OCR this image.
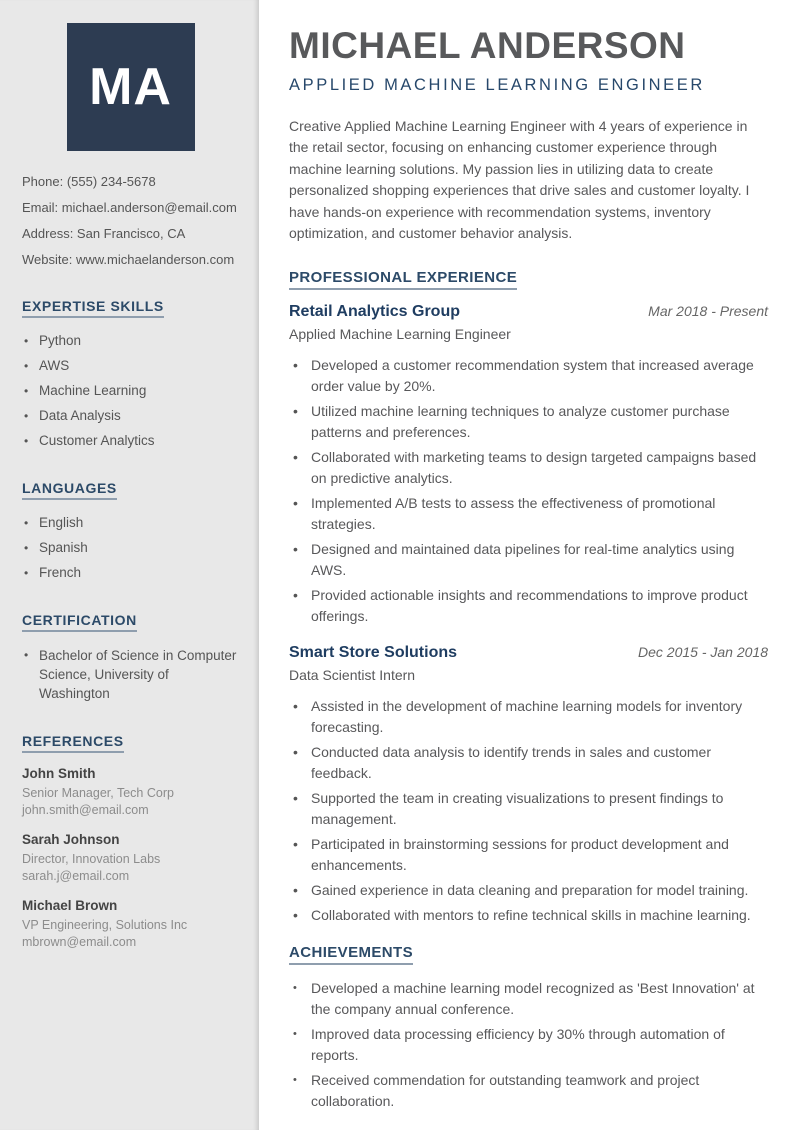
MA

Phone: (555) 234-5678

Email: michael.anderson@email.com

Address: San Francisco, CA

Website: www.michaelanderson.com

EXPERTISE SKILLS
• Python
• AWS
• Machine Learning
• Data Analysis
• Customer Analytics
LANGUAGES
• English
• Spanish
• French
CERTIFICATION
• Bachelor of Science in Computer Science, University of Washington
REFERENCES
John Smith
Senior Manager, Tech Corp
john.smith@email.com
Sarah Johnson
Director, Innovation Labs
sarah.j@email.com
Michael Brown
VP Engineering, Solutions Inc
mbrown@email.com
MICHAEL ANDERSON
APPLIED MACHINE LEARNING ENGINEER

Creative Applied Machine Learning Engineer with 4 years of experience in the retail sector, focusing on enhancing customer experience through machine learning solutions. My passion lies in utilizing data to create personalized shopping experiences that drive sales and customer loyalty. I have hands-on experience with recommendation systems, inventory optimization, and customer behavior analysis.

PROFESSIONAL EXPERIENCE
Retail Analytics Group	Mar 2018 - Present
Applied Machine Learning Engineer
• Developed a customer recommendation system that increased average order value by 20%.
• Utilized machine learning techniques to analyze customer purchase patterns and preferences.
• Collaborated with marketing teams to design targeted campaigns based on predictive analytics.
• Implemented A/B tests to assess the effectiveness of promotional strategies.
• Designed and maintained data pipelines for real-time analytics using AWS.
• Provided actionable insights and recommendations to improve product offerings.
Smart Store Solutions	Dec 2015 - Jan 2018
Data Scientist Intern
• Assisted in the development of machine learning models for inventory forecasting.
• Conducted data analysis to identify trends in sales and customer feedback.
• Supported the team in creating visualizations to present findings to management.
• Participated in brainstorming sessions for product development and enhancements.
• Gained experience in data cleaning and preparation for model training.
• Collaborated with mentors to refine technical skills in machine learning.
ACHIEVEMENTS
• Developed a machine learning model recognized as 'Best Innovation' at the company annual conference.
• Improved data processing efficiency by 30% through automation of reports.
• Received commendation for outstanding teamwork and project collaboration.
